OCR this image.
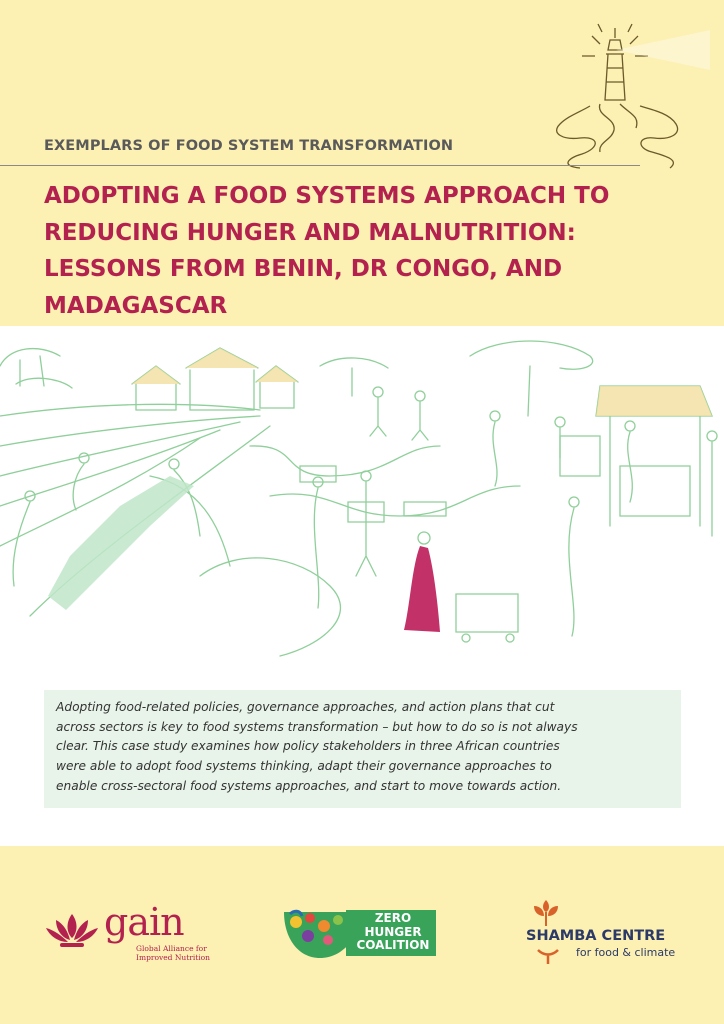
EXEMPLARS OF FOOD SYSTEM TRANSFORMATION
ADOPTING A FOOD SYSTEMS APPROACH TO
REDUCING HUNGER AND MALNUTRITION:
LESSONS FROM BENIN, DR CONGO, AND
MADAGASCAR

Adopting food-related policies, governance approaches, and action plans that cut
across sectors is key to food systems transformation – but how to do so is not always
clear. This case study examines how policy stakeholders in three African countries
were able to adopt food systems thinking, adapt their governance approaches to
enable cross-sectoral food systems approaches, and start to move towards action.

gain
Global Alliance for
Improved Nutrition
ZERO
HUNGER
COALITION
SHAMBA CENTRE
for food & climate
